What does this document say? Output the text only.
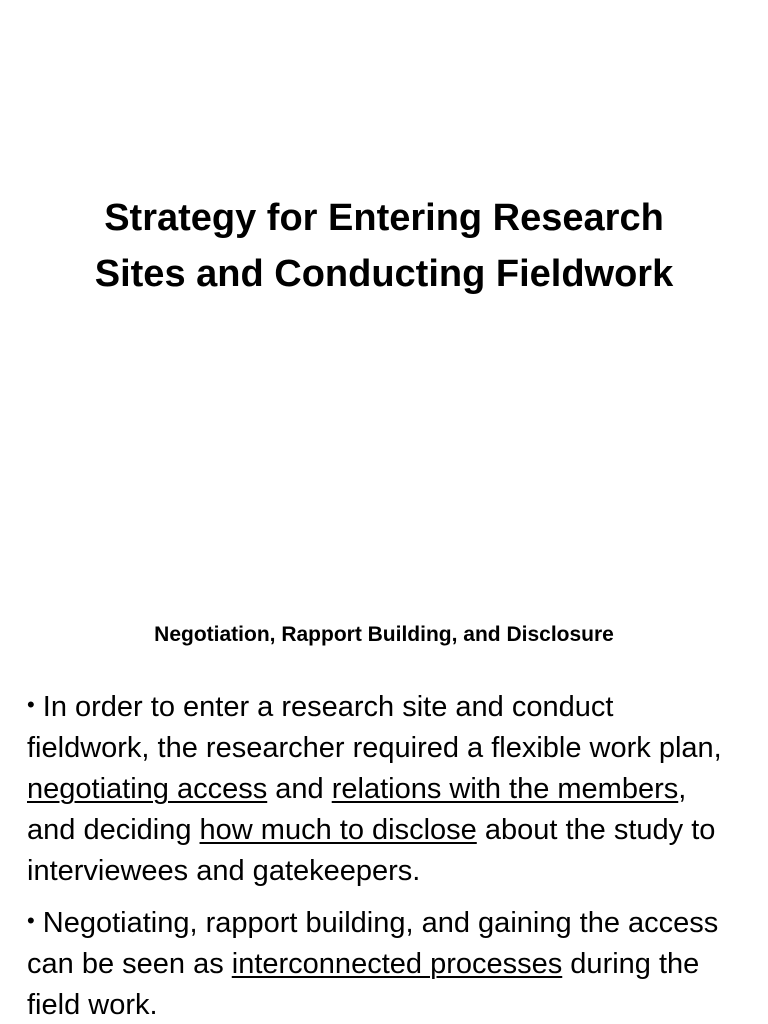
Strategy for Entering Research
Sites and Conducting Fieldwork
Negotiation, Rapport Building, and Disclosure

• In order to enter a research site and conduct fieldwork, the researcher required a flexible work plan, negotiating access and relations with the members, and deciding how much to disclose about the study to interviewees and gatekeepers.

• Negotiating, rapport building, and gaining the access can be seen as interconnected processes during the field work.
